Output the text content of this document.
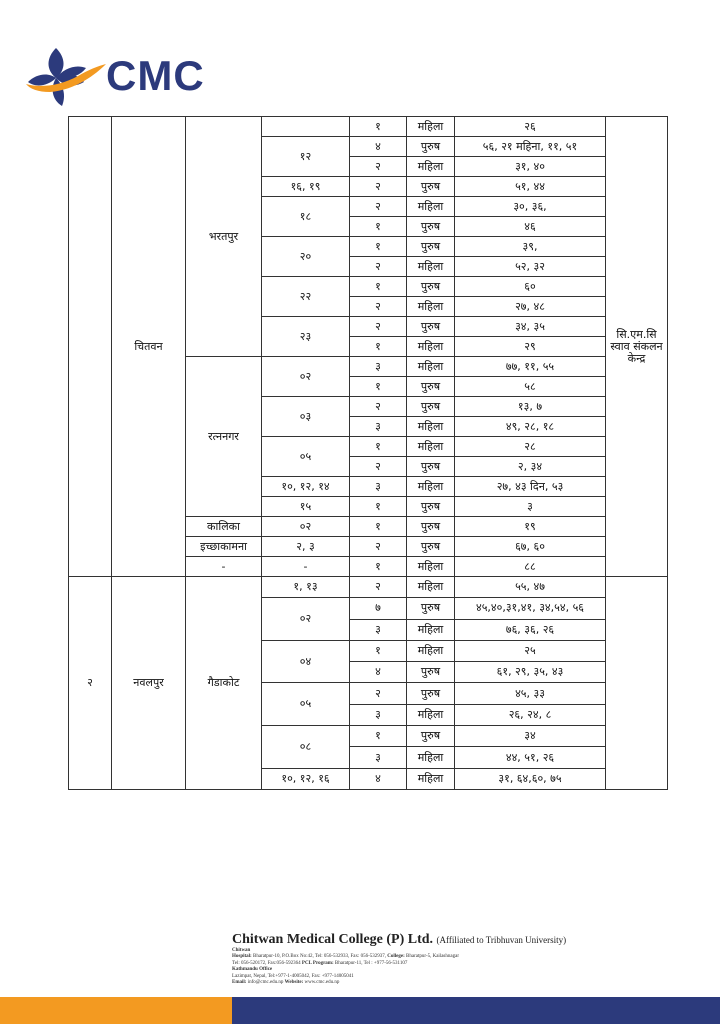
CMC
	चितवन	भरतपुर		१	महिला	२६	सि.एम.सि स्वाव संकलन केन्द्र
			१२	४	पुरुष	५६, २१ महिना, ११, ५१	
				२	महिला	३१, ४०	
			१६, १९	२	पुरुष	५१, ४४	
			१८	२	महिला	३०, ३६,	
				१	पुरुष	४६	
			२०	१	पुरुष	३९,	
				२	महिला	५२, ३२	
			२२	१	पुरुष	६०	
				२	महिला	२७, ४८	
			२३	२	पुरुष	३४, ३५	
				१	महिला	२९	
		रत्ननगर	०२	३	महिला	७७, ११, ५५	
				१	पुरुष	५८	
			०३	२	पुरुष	१३, ७	
				३	महिला	४९, २८, १८	
			०५	१	महिला	२८	
				२	पुरुष	२, ३४	
			१०, १२, १४	३	महिला	२७, ४३ दिन, ५३	
			१५	१	पुरुष	३	
		कालिका	०२	१	पुरुष	१९	
		इच्छाकामना	२, ३	२	पुरुष	६७, ६०	
		-	-	१	महिला	८८	
२	नवलपुर	गैडाकोट	१, १३	२	महिला	५५, ४७	
			०२	७	पुरुष	४५,४०,३१,४१, ३४,५४, ५६	
				३	महिला	७६, ३६, २६	
			०४	१	महिला	२५	
				४	पुरुष	६१, २९, ३५, ४३	
			०५	२	पुरुष	४५, ३३	
				३	महिला	२६, २४, ८	
			०८	१	पुरुष	३४	
				३	महिला	४४, ५१, २६	
			१०, १२, १६	४	महिला	३१, ६४,६०, ७५	
Chitwan Medical College (P) Ltd. (Affiliated to Tribhuvan University)
Chitwan
Hospital: Bharatpur-10, P.O.Box No:42, Tel: 056-532933, Fax: 056-532937, College: Bharatpur-5, Kailashnagar
Tel: 056-520172, Fax:056-592364 PCL Program: Bharatpur-11, Tel : +977-56-531107
Kathmandu Office
Lazimpat, Nepal, Tel:+977-1-4005042, Fax: +977-14005041
Email: info@cmc.edu.np Website: www.cmc.edu.np
